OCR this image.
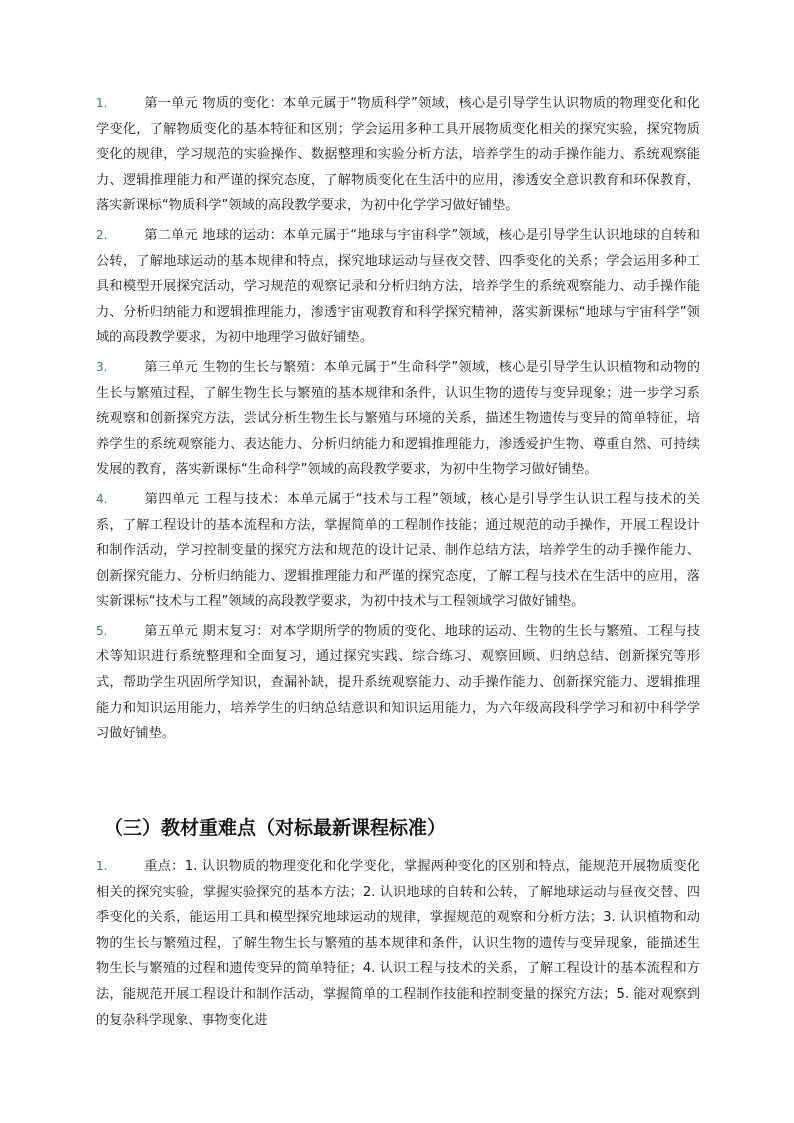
1.	第一单元 物质的变化：本单元属于“物质科学”领域，核心是引导学生认识物质的物理变化和化学变化，了解物质变化的基本特征和区别；学会运用多种工具开展物质变化相关的探究实验，探究物质变化的规律，学习规范的实验操作、数据整理和实验分析方法，培养学生的动手操作能力、系统观察能力、逻辑推理能力和严谨的探究态度，了解物质变化在生活中的应用，渗透安全意识教育和环保教育，落实新课标“物质科学”领域的高段教学要求，为初中化学学习做好铺垫。
2.	第二单元 地球的运动：本单元属于“地球与宇宙科学”领域，核心是引导学生认识地球的自转和公转，了解地球运动的基本规律和特点，探究地球运动与昼夜交替、四季变化的关系；学会运用多种工具和模型开展探究活动，学习规范的观察记录和分析归纳方法，培养学生的系统观察能力、动手操作能力、分析归纳能力和逻辑推理能力，渗透宇宙观教育和科学探究精神，落实新课标“地球与宇宙科学”领域的高段教学要求，为初中地理学习做好铺垫。
3.	第三单元 生物的生长与繁殖：本单元属于“生命科学”领域，核心是引导学生认识植物和动物的生长与繁殖过程，了解生物生长与繁殖的基本规律和条件，认识生物的遗传与变异现象；进一步学习系统观察和创新探究方法，尝试分析生物生长与繁殖与环境的关系，描述生物遗传与变异的简单特征，培养学生的系统观察能力、表达能力、分析归纳能力和逻辑推理能力，渗透爱护生物、尊重自然、可持续发展的教育，落实新课标“生命科学”领域的高段教学要求，为初中生物学习做好铺垫。
4.	第四单元 工程与技术：本单元属于“技术与工程”领域，核心是引导学生认识工程与技术的关系，了解工程设计的基本流程和方法，掌握简单的工程制作技能；通过规范的动手操作，开展工程设计和制作活动，学习控制变量的探究方法和规范的设计记录、制作总结方法，培养学生的动手操作能力、创新探究能力、分析归纳能力、逻辑推理能力和严谨的探究态度，了解工程与技术在生活中的应用，落实新课标“技术与工程”领域的高段教学要求，为初中技术与工程领域学习做好铺垫。
5.	第五单元 期末复习：对本学期所学的物质的变化、地球的运动、生物的生长与繁殖、工程与技术等知识进行系统整理和全面复习，通过探究实践、综合练习、观察回顾、归纳总结、创新探究等形式，帮助学生巩固所学知识，查漏补缺，提升系统观察能力、动手操作能力、创新探究能力、逻辑推理能力和知识运用能力，培养学生的归纳总结意识和知识运用能力，为六年级高段科学学习和初中科学学习做好铺垫。
（三）教材重难点（对标最新课程标准）
1.	重点：1. 认识物质的物理变化和化学变化，掌握两种变化的区别和特点，能规范开展物质变化相关的探究实验，掌握实验探究的基本方法；2. 认识地球的自转和公转，了解地球运动与昼夜交替、四季变化的关系，能运用工具和模型探究地球运动的规律，掌握规范的观察和分析方法；3. 认识植物和动物的生长与繁殖过程，了解生物生长与繁殖的基本规律和条件，认识生物的遗传与变异现象，能描述生物生长与繁殖的过程和遗传变异的简单特征；4. 认识工程与技术的关系，了解工程设计的基本流程和方法，能规范开展工程设计和制作活动，掌握简单的工程制作技能和控制变量的探究方法；5. 能对观察到的复杂科学现象、事物变化进
